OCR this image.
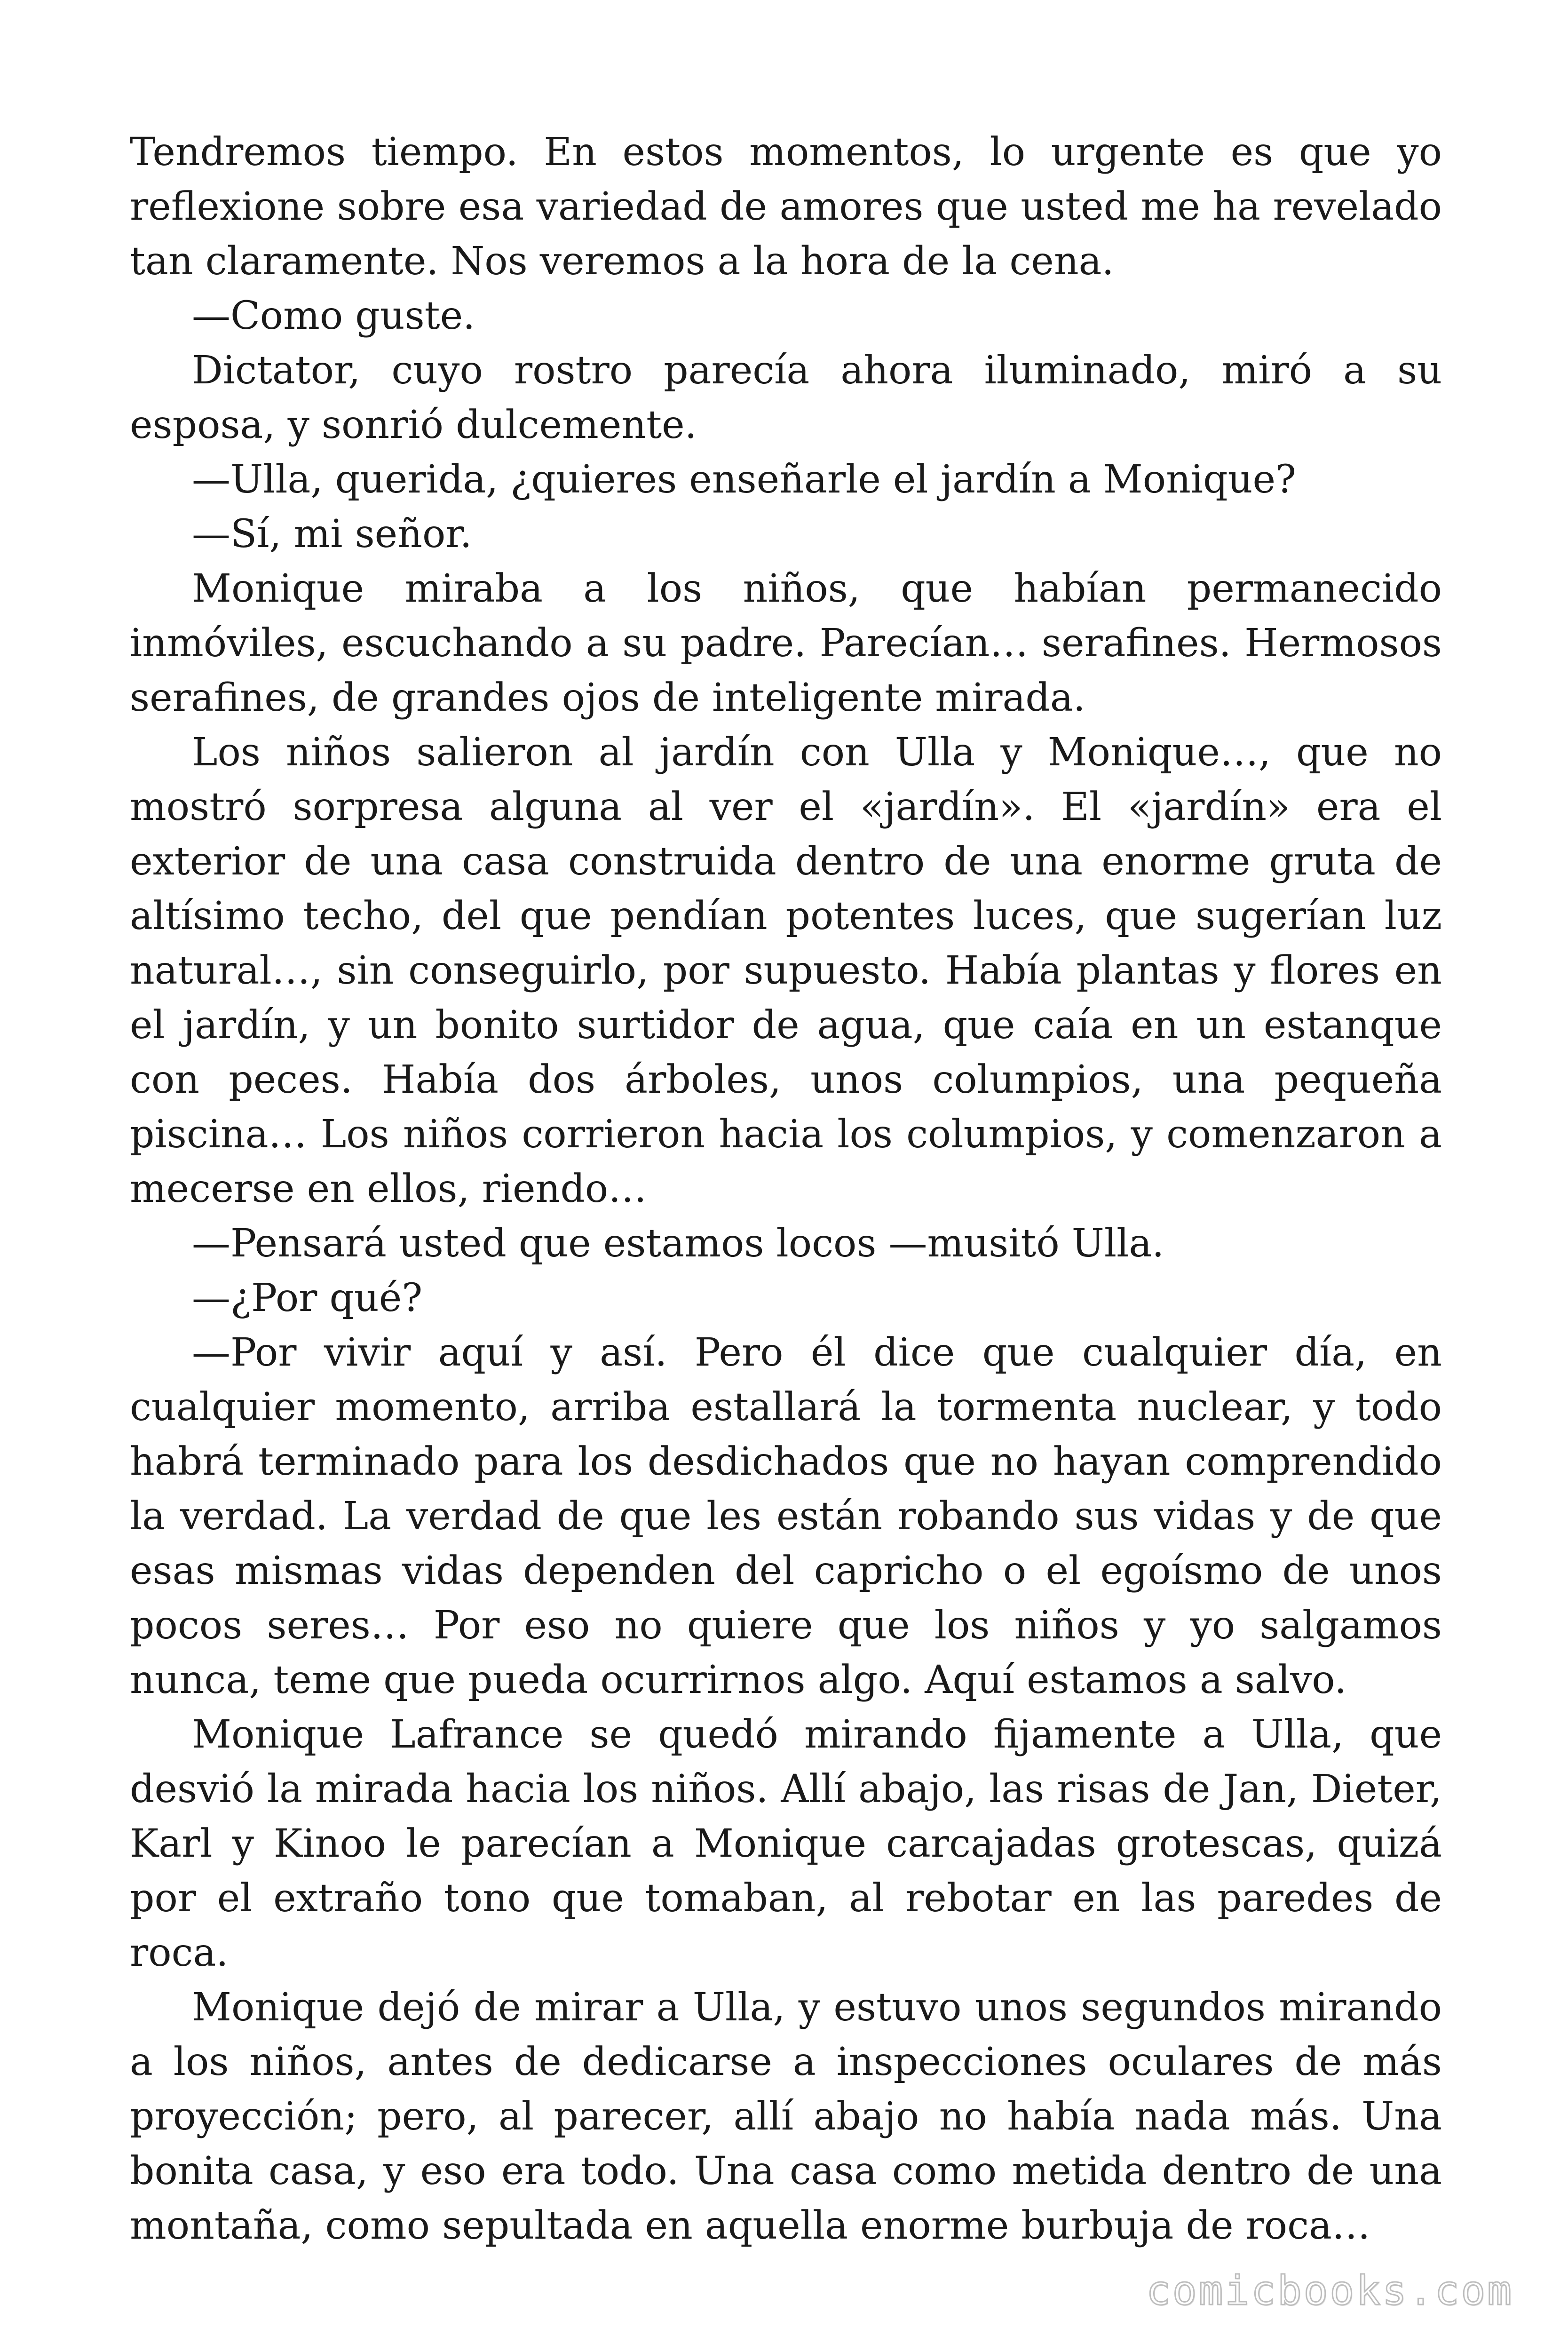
Tendremos tiempo. En estos momentos, lo urgente es que yo reflexione sobre esa variedad de amores que usted me ha revelado tan claramente. Nos veremos a la hora de la cena.

—Como guste.

Dictator, cuyo rostro parecía ahora iluminado, miró a su esposa, y sonrió dulcemente.

—Ulla, querida, ¿quieres enseñarle el jardín a Monique?

—Sí, mi señor.

Monique miraba a los niños, que habían permanecido inmóviles, escuchando a su padre. Parecían… serafines. Hermosos serafines, de grandes ojos de inteligente mirada.

Los niños salieron al jardín con Ulla y Monique…, que no mostró sorpresa alguna al ver el «jardín». El «jardín» era el exterior de una casa construida dentro de una enorme gruta de altísimo techo, del que pendían potentes luces, que sugerían luz natural…, sin conseguirlo, por supuesto. Había plantas y flores en el jardín, y un bonito surtidor de agua, que caía en un estanque con peces. Había dos árboles, unos columpios, una pequeña piscina… Los niños corrieron hacia los columpios, y comenzaron a mecerse en ellos, riendo…

—Pensará usted que estamos locos —musitó Ulla.

—¿Por qué?

—Por vivir aquí y así. Pero él dice que cualquier día, en cualquier momento, arriba estallará la tormenta nuclear, y todo habrá terminado para los desdichados que no hayan comprendido la verdad. La verdad de que les están robando sus vidas y de que esas mismas vidas dependen del capricho o el egoísmo de unos pocos seres… Por eso no quiere que los niños y yo salgamos nunca, teme que pueda ocurrirnos algo. Aquí estamos a salvo.

Monique Lafrance se quedó mirando fijamente a Ulla, que desvió la mirada hacia los niños. Allí abajo, las risas de Jan, Dieter, Karl y Kinoo le parecían a Monique carcajadas grotescas, quizá por el extraño tono que tomaban, al rebotar en las paredes de roca.

Monique dejó de mirar a Ulla, y estuvo unos segundos mirando a los niños, antes de dedicarse a inspecciones oculares de más proyección; pero, al parecer, allí abajo no había nada más. Una bonita casa, y eso era todo. Una casa como metida dentro de una montaña, como sepultada en aquella enorme burbuja de roca…

comicbooks.com
